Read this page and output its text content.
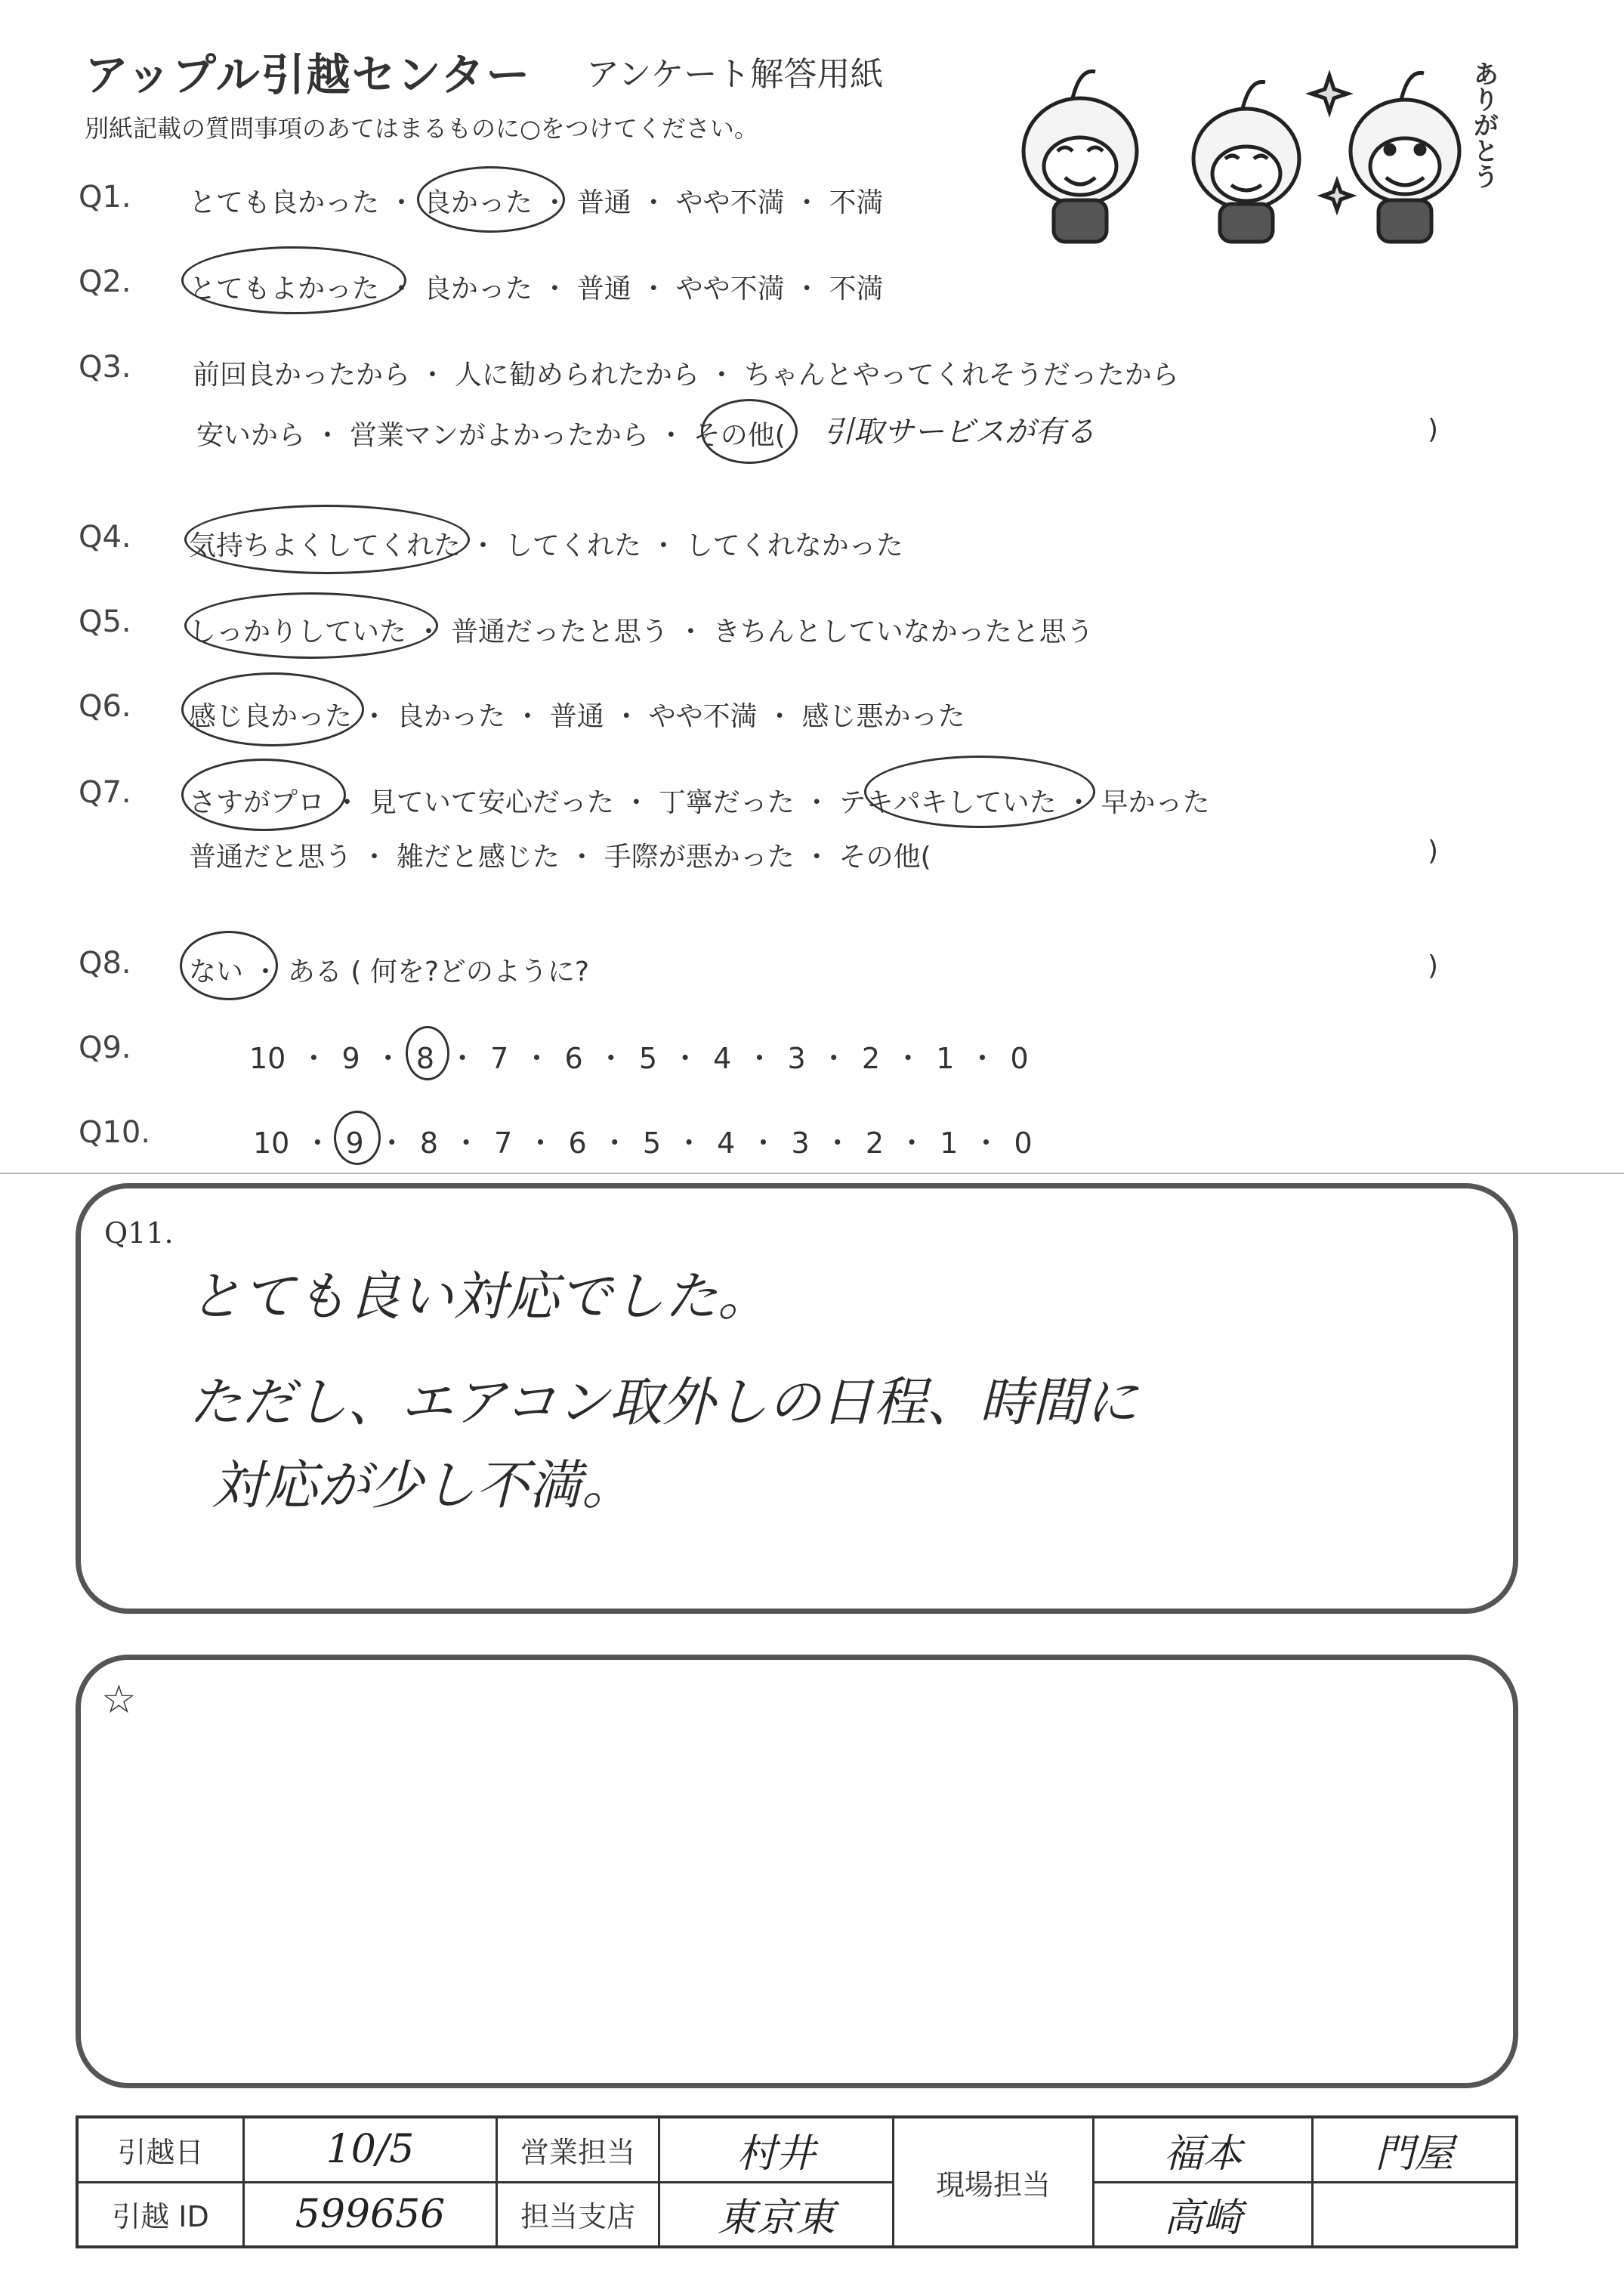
アップル引越センター アンケート解答用紙
別紙記載の質問事項のあてはまるものに○をつけてください。	ありがとう
Q1. とても良かった ・ 良かった ・ 普通 ・ やや不満 ・ 不満
Q2. とてもよかった ・ 良かった ・ 普通 ・ やや不満 ・ 不満
Q3. 前回良かったから ・ 人に勧められたから ・ ちゃんとやってくれそうだったから
安いから ・ 営業マンがよかったから ・ その他(	)
引取サービスが有る
Q4. 気持ちよくしてくれた ・ してくれた ・ してくれなかった
Q5. しっかりしていた ・ 普通だったと思う ・ きちんとしていなかったと思う
Q6. 感じ良かった ・ 良かった ・ 普通 ・ やや不満 ・ 感じ悪かった
Q7. さすがプロ ・ 見ていて安心だった ・ 丁寧だった ・ テキパキしていた ・ 早かった
普通だと思う ・ 雑だと感じた ・ 手際が悪かった ・ その他(	)
Q8. ない ・ ある ( 何を?どのように?	)
Q9.	10 ・ 9 ・ 8 ・ 7 ・ 6 ・ 5 ・ 4 ・ 3 ・ 2 ・ 1 ・ 0
Q10.	10 ・ 9 ・ 8 ・ 7 ・ 6 ・ 5 ・ 4 ・ 3 ・ 2 ・ 1 ・ 0
Q11.
とても良い対応でした。
ただし、エアコン取外しの日程、時間に
対応が少し不満。
☆
引越日	10/5	営業担当	村井	現場担当	福本	門屋
引越 ID	599656	担当支店	東京東		高崎	
